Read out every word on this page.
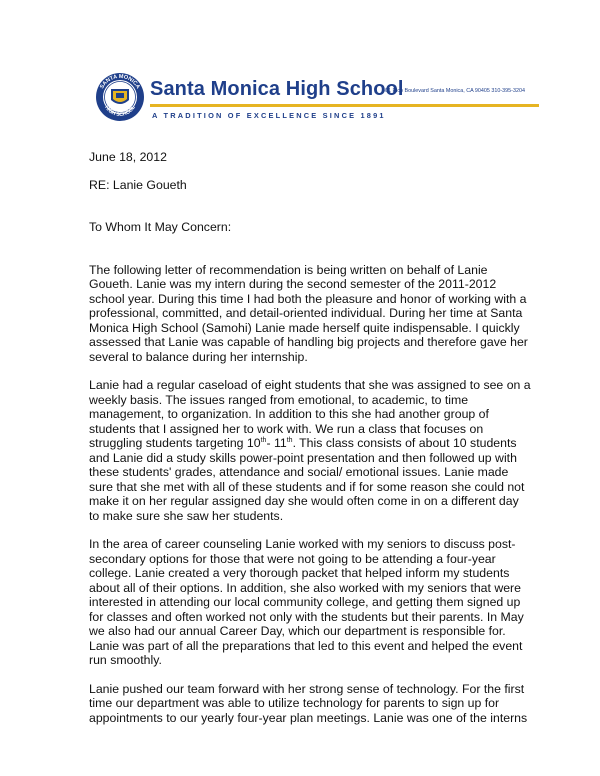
SANTA MONICA
HIGH SCHOOL
Santa Monica High School
601 Pico Boulevard Santa Monica, CA 90405 310-395-3204
A TRADITION OF EXCELLENCE SINCE 1891
June 18, 2012
RE: Lanie Goueth
To Whom It May Concern:
The following letter of recommendation is being written on behalf of Lanie
Goueth. Lanie was my intern during the second semester of the 2011-2012
school year. During this time I had both the pleasure and honor of working with a
professional, committed, and detail-oriented individual. During her time at Santa
Monica High School (Samohi) Lanie made herself quite indispensable. I quickly
assessed that Lanie was capable of handling big projects and therefore gave her
several to balance during her internship.
Lanie had a regular caseload of eight students that she was assigned to see on a
weekly basis. The issues ranged from emotional, to academic, to time
management, to organization. In addition to this she had another group of
students that I assigned her to work with. We run a class that focuses on
struggling students targeting 10th- 11th. This class consists of about 10 students
and Lanie did a study skills power-point presentation and then followed up with
these students' grades, attendance and social/ emotional issues. Lanie made
sure that she met with all of these students and if for some reason she could not
make it on her regular assigned day she would often come in on a different day
to make sure she saw her students.
In the area of career counseling Lanie worked with my seniors to discuss post-
secondary options for those that were not going to be attending a four-year
college. Lanie created a very thorough packet that helped inform my students
about all of their options. In addition, she also worked with my seniors that were
interested in attending our local community college, and getting them signed up
for classes and often worked not only with the students but their parents. In May
we also had our annual Career Day, which our department is responsible for.
Lanie was part of all the preparations that led to this event and helped the event
run smoothly.
Lanie pushed our team forward with her strong sense of technology. For the first
time our department was able to utilize technology for parents to sign up for
appointments to our yearly four-year plan meetings. Lanie was one of the interns
